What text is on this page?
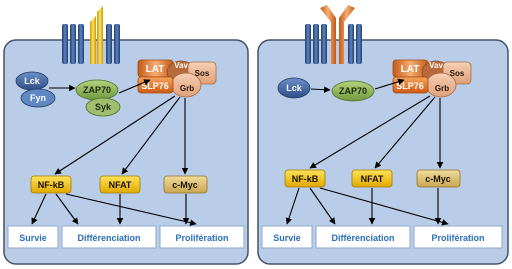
Lck
Fyn
ZAP70
Syk
LAT
SLP76
Vav
Sos
Grb
NF-kB	NFAT	c-Myc
Survie	Différenciation	Prolifération
Lck	ZAP70
LAT
SLP76
Vav
Sos
Grb
NF-kB	NFAT	c-Myc
Survie	Différenciation	Prolifération
